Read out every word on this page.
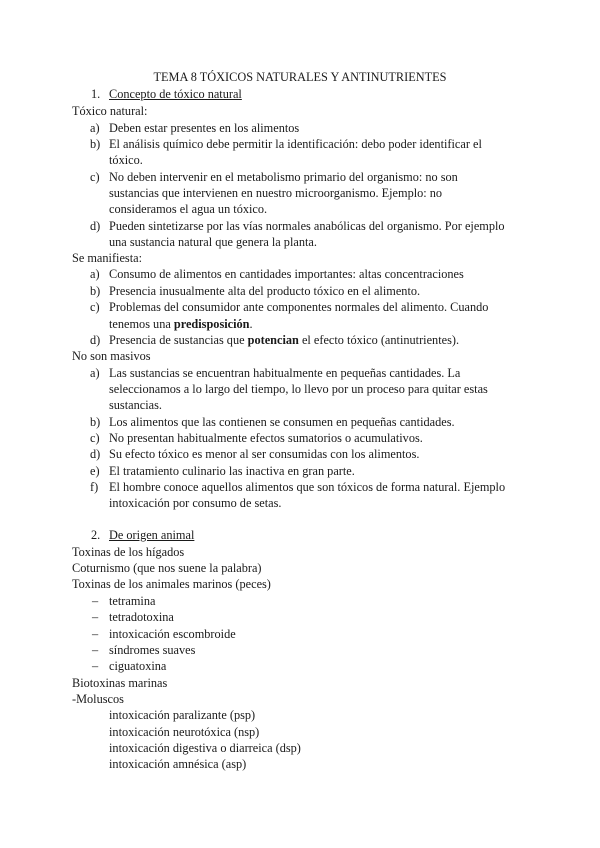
TEMA 8 TÓXICOS NATURALES Y ANTINUTRIENTES
1. Concepto de tóxico natural
Tóxico natural:
a) Deben estar presentes en los alimentos
b) El análisis químico debe permitir la identificación: debo poder identificar el
tóxico.
c) No deben intervenir en el metabolismo primario del organismo: no son
sustancias que intervienen en nuestro microorganismo. Ejemplo: no
consideramos el agua un tóxico.
d) Pueden sintetizarse por las vías normales anabólicas del organismo. Por ejemplo
una sustancia natural que genera la planta.
Se manifiesta:
a) Consumo de alimentos en cantidades importantes: altas concentraciones
b) Presencia inusualmente alta del producto tóxico en el alimento.
c) Problemas del consumidor ante componentes normales del alimento. Cuando
tenemos una predisposición.
d) Presencia de sustancias que potencian el efecto tóxico (antinutrientes).
No son masivos
a) Las sustancias se encuentran habitualmente en pequeñas cantidades. La
seleccionamos a lo largo del tiempo, lo llevo por un proceso para quitar estas
sustancias.
b) Los alimentos que las contienen se consumen en pequeñas cantidades.
c) No presentan habitualmente efectos sumatorios o acumulativos.
d) Su efecto tóxico es menor al ser consumidas con los alimentos.
e) El tratamiento culinario las inactiva en gran parte.
f) El hombre conoce aquellos alimentos que son tóxicos de forma natural. Ejemplo
intoxicación por consumo de setas.
2. De origen animal
Toxinas de los hígados
Coturnismo (que nos suene la palabra)
Toxinas de los animales marinos (peces)
– tetramina
– tetradotoxina
– intoxicación escombroide
– síndromes suaves
– ciguatoxina
Biotoxinas marinas
-Moluscos
intoxicación paralizante (psp)
intoxicación neurotóxica (nsp)
intoxicación digestiva o diarreica (dsp)
intoxicación amnésica (asp)
